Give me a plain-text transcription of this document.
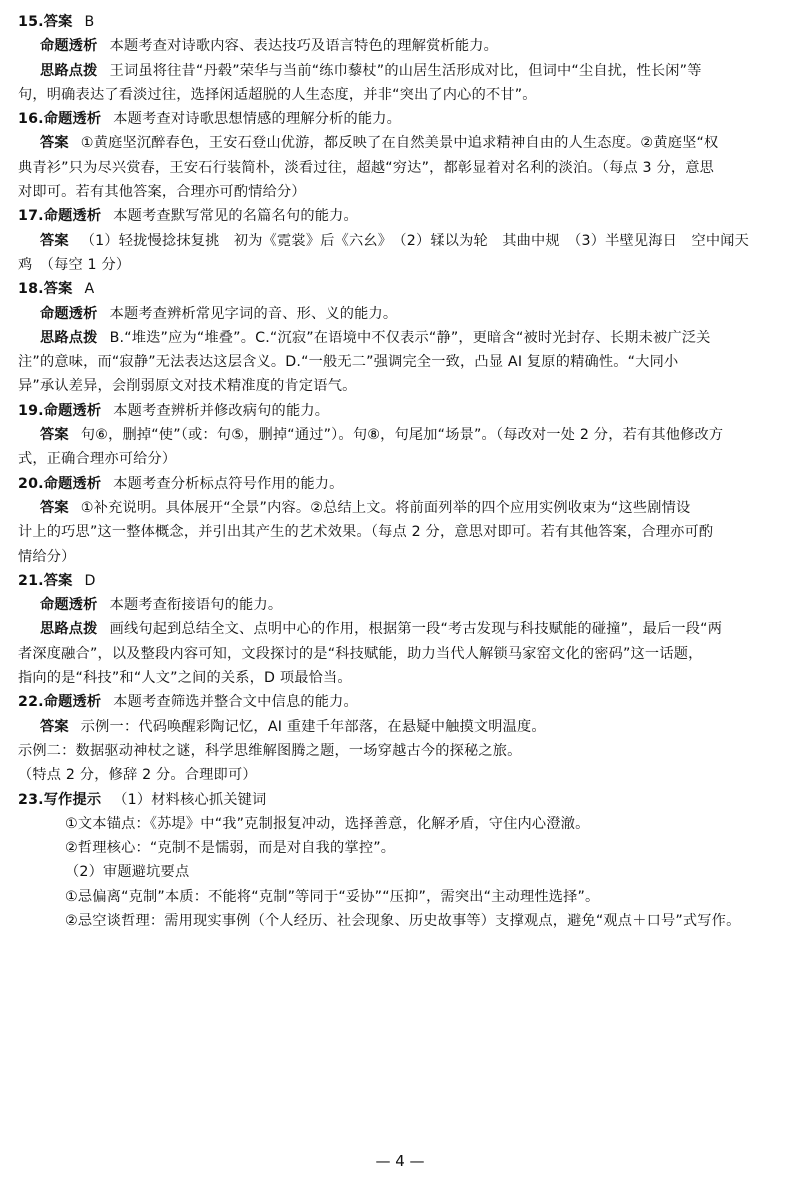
15.答案 B
命题透析 本题考查对诗歌内容、表达技巧及语言特色的理解赏析能力。
思路点拨 王词虽将往昔“丹毂”荣华与当前“练巾藜杖”的山居生活形成对比，但词中“尘自扰，性长闲”等
句，明确表达了看淡过往，选择闲适超脱的人生态度，并非“突出了内心的不甘”。
16.命题透析 本题考查对诗歌思想情感的理解分析的能力。
答案 ①黄庭坚沉醉春色，王安石登山优游，都反映了在自然美景中追求精神自由的人生态度。②黄庭坚“权
典青衫”只为尽兴赏春，王安石行装简朴，淡看过往，超越“穷达”，都彰显着对名利的淡泊。（每点 3 分，意思
对即可。若有其他答案，合理亦可酌情给分）
17.命题透析 本题考查默写常见的名篇名句的能力。
答案 （1）轻拢慢捻抹复挑　初为《霓裳》后《六幺》　（2）𫐓以为轮　其曲中规　（3）半壁见海日　空中闻天
鸡　（每空 1 分）
18.答案 A
命题透析 本题考查辨析常见字词的音、形、义的能力。
思路点拨 B.“堆迭”应为“堆叠”。C.“沉寂”在语境中不仅表示“静”，更暗含“被时光封存、长期未被广泛关
注”的意味，而“寂静”无法表达这层含义。D.“一般无二”强调完全一致，凸显 AI 复原的精确性。“大同小
异”承认差异，会削弱原文对技术精准度的肯定语气。
19.命题透析 本题考查辨析并修改病句的能力。
答案 句⑥，删掉“使”（或：句⑤，删掉“通过”）。句⑧，句尾加“场景”。（每改对一处 2 分，若有其他修改方
式，正确合理亦可给分）
20.命题透析 本题考查分析标点符号作用的能力。
答案 ①补充说明。具体展开“全景”内容。②总结上文。将前面列举的四个应用实例收束为“这些剧情设
计上的巧思”这一整体概念，并引出其产生的艺术效果。（每点 2 分，意思对即可。若有其他答案，合理亦可酌
情给分）
21.答案 D
命题透析 本题考查衔接语句的能力。
思路点拨 画线句起到总结全文、点明中心的作用，根据第一段“考古发现与科技赋能的碰撞”，最后一段“两
者深度融合”，以及整段内容可知，文段探讨的是“科技赋能，助力当代人解锁马家窑文化的密码”这一话题，
指向的是“科技”和“人文”之间的关系，D 项最恰当。
22.命题透析 本题考查筛选并整合文中信息的能力。
答案 示例一：代码唤醒彩陶记忆，AI 重建千年部落，在悬疑中触摸文明温度。
示例二：数据驱动神杖之谜，科学思维解图腾之题，一场穿越古今的探秘之旅。
（特点 2 分，修辞 2 分。合理即可）
23.写作提示 （1）材料核心抓关键词
①文本锚点：《苏堤》中“我”克制报复冲动，选择善意，化解矛盾，守住内心澄澈。
②哲理核心：“克制不是懦弱，而是对自我的掌控”。
（2）审题避坑要点
①忌偏离“克制”本质：不能将“克制”等同于“妥协”“压抑”，需突出“主动理性选择”。
②忌空谈哲理：需用现实事例（个人经历、社会现象、历史故事等）支撑观点，避免“观点＋口号”式写作。
— 4 —
